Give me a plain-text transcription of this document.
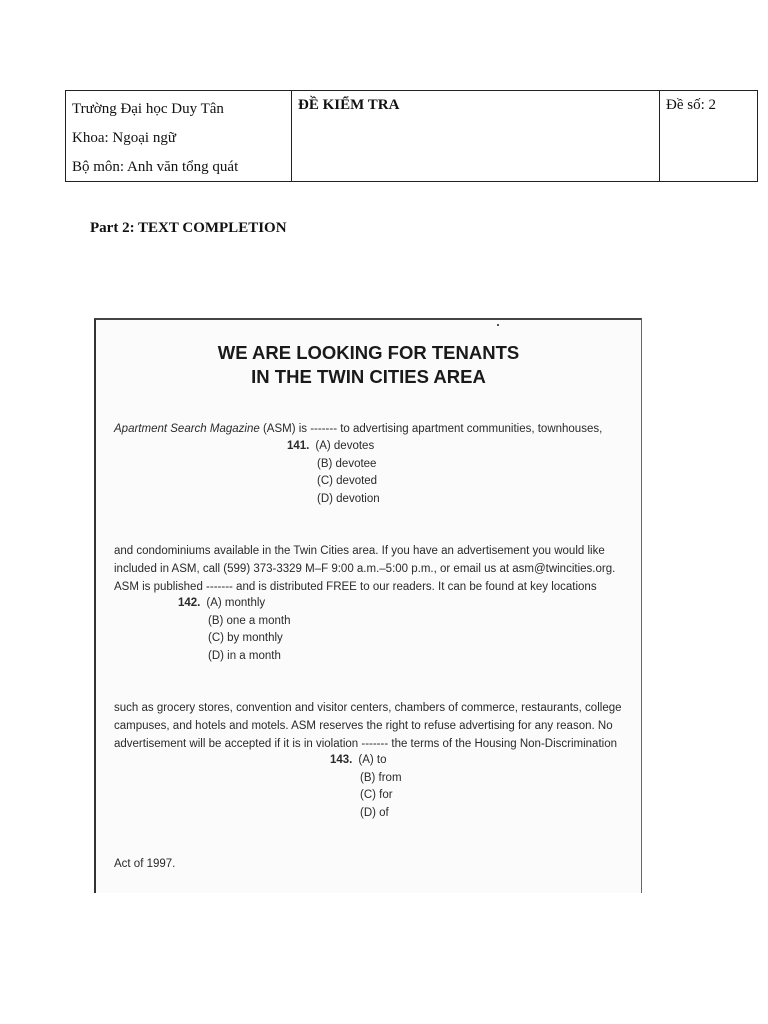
Trường Đại học Duy Tân
Khoa: Ngoại ngữ
Bộ môn: Anh văn tổng quát
ĐỀ KIỂM TRA	Đề số: 2
Part 2: TEXT COMPLETION
WE ARE LOOKING FOR TENANTS
IN THE TWIN CITIES AREA
Apartment Search Magazine (ASM) is ------- to advertising apartment communities, townhouses,
141. (A) devotes
(B) devotee
(C) devoted
(D) devotion
and condominiums available in the Twin Cities area. If you have an advertisement you would like
included in ASM, call (599) 373-3329 M–F 9:00 a.m.–5:00 p.m., or email us at asm@twincities.org.
ASM is published ------- and is distributed FREE to our readers. It can be found at key locations
142. (A) monthly
(B) one a month
(C) by monthly
(D) in a month
such as grocery stores, convention and visitor centers, chambers of commerce, restaurants, college
campuses, and hotels and motels. ASM reserves the right to refuse advertising for any reason. No
advertisement will be accepted if it is in violation ------- the terms of the Housing Non-Discrimination
143. (A) to
(B) from
(C) for
(D) of
Act of 1997.
